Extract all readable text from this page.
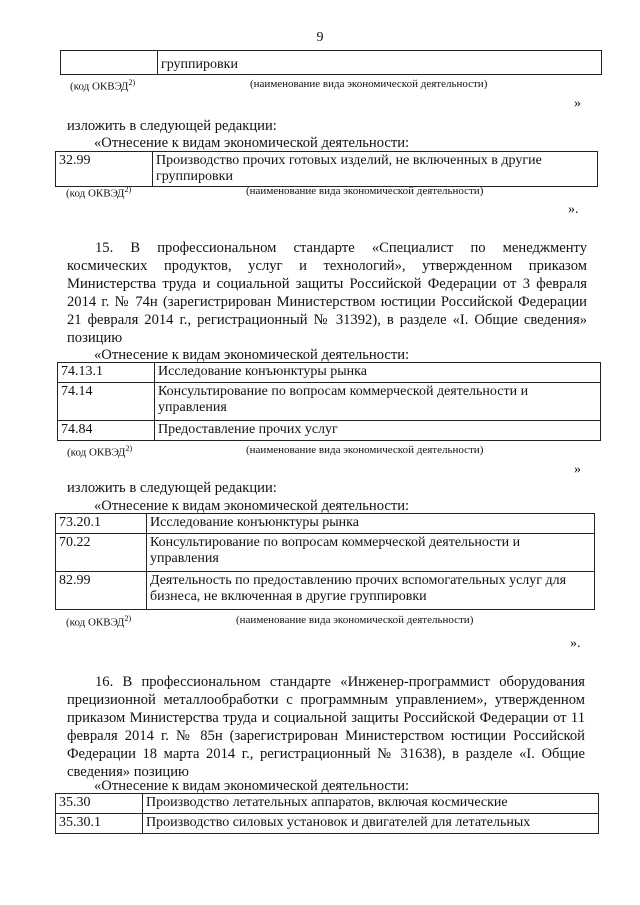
9
	группировки
(код ОКВЭД$^{2)}$	(наименование вида экономической деятельности)
»
изложить в следующей редакции:
«Отнесение к видам экономической деятельности:
32.99	Производство прочих готовых изделий, не включенных в другие группировки
(код ОКВЭД$^{2)}$	(наименование вида экономической деятельности)
».
15. В профессиональном стандарте «Специалист по менеджменту космических продуктов, услуг и технологий», утвержденном приказом Министерства труда и социальной защиты Российской Федерации от 3 февраля 2014 г. № 74н (зарегистрирован Министерством юстиции Российской Федерации 21 февраля 2014 г., регистрационный № 31392), в разделе «I. Общие сведения» позицию
«Отнесение к видам экономической деятельности:
74.13.1	Исследование конъюнктуры рынка
74.14	Консультирование по вопросам коммерческой деятельности и управления
74.84	Предоставление прочих услуг
(код ОКВЭД$^{2)}$	(наименование вида экономической деятельности)
»
изложить в следующей редакции:
«Отнесение к видам экономической деятельности:
73.20.1	Исследование конъюнктуры рынка
70.22	Консультирование по вопросам коммерческой деятельности и управления
82.99	Деятельность по предоставлению прочих вспомогательных услуг для бизнеса, не включенная в другие группировки
(код ОКВЭД$^{2)}$	(наименование вида экономической деятельности)
».
16. В профессиональном стандарте «Инженер-программист оборудования прецизионной металлообработки с программным управлением», утвержденном приказом Министерства труда и социальной защиты Российской Федерации от 11 февраля 2014 г. № 85н (зарегистрирован Министерством юстиции Российской Федерации 18 марта 2014 г., регистрационный № 31638), в разделе «I. Общие сведения» позицию
«Отнесение к видам экономической деятельности:
35.30	Производство летательных аппаратов, включая космические
35.30.1	Производство силовых установок и двигателей для летательных
